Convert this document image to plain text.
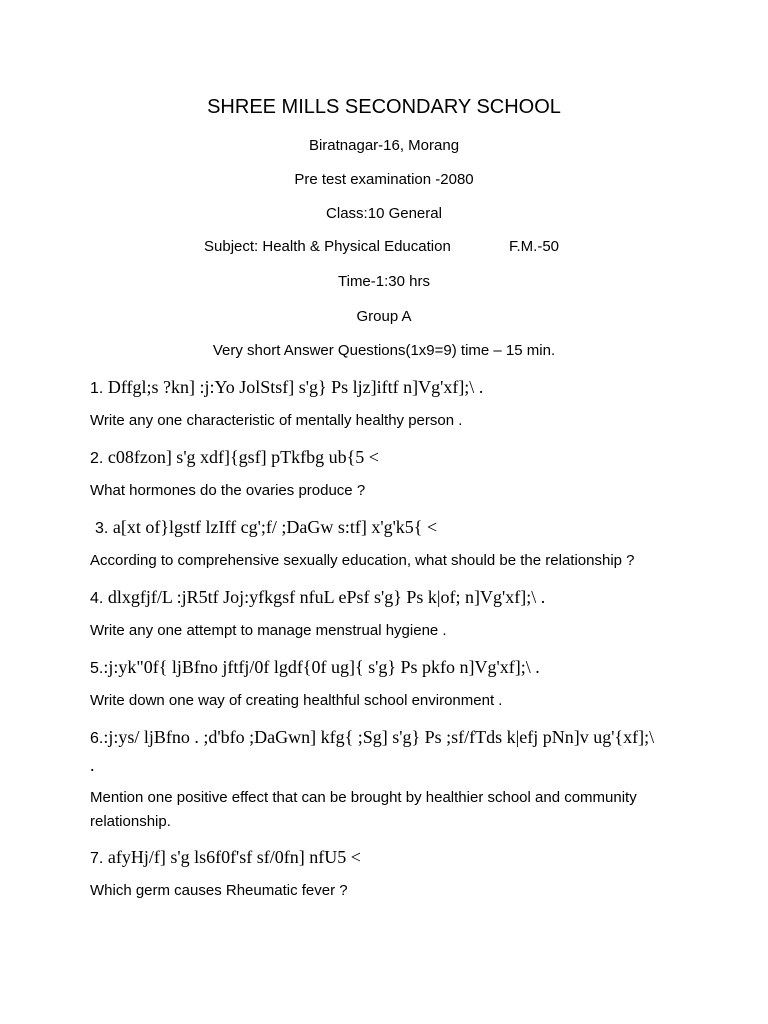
SHREE MILLS SECONDARY SCHOOL
Biratnagar-16, Morang
Pre test examination -2080
Class:10 General
Subject: Health & Physical Education	F.M.-50
Time-1:30 hrs
Group A
Very short Answer Questions(1x9=9) time – 15 min.
1. Dffgl;s ?kn] :j:Yo JolStsf] s'g} Ps ljz]iftf n]Vg'xf];\ .
Write any one characteristic of mentally healthy person .
2. c08fzon] s'g xdf]{gsf] pTkfbg ub{5 <
What hormones do the ovaries produce ?
3. a[xt of}lgstf lzIff cg';f/ ;DaGw s:tf] x'g'k5{ <
According to comprehensive sexually education, what should be the relationship ?
4. dlxgfjf/L :jR5tf Joj:yfkgsf nfuL ePsf s'g} Ps k|of; n]Vg'xf];\ .
Write any one attempt to manage menstrual hygiene .
5.:j:yk"0f{ ljBfno jftfj/0f lgdf{0f ug]{ s'g} Ps pkfo n]Vg'xf];\ .
Write down one way of creating healthful school environment .
6.:j:ys/ ljBfno . ;d'bfo ;DaGwn] kfg{ ;Sg] s'g} Ps ;sf/fTds k|efj pNn]v ug'{xf];\ .
Mention one positive effect that can be brought by healthier school and community relationship.
7. afyHj/f] s'g ls6f0f'sf sf/0fn] nfU5 <
Which germ causes Rheumatic fever ?
